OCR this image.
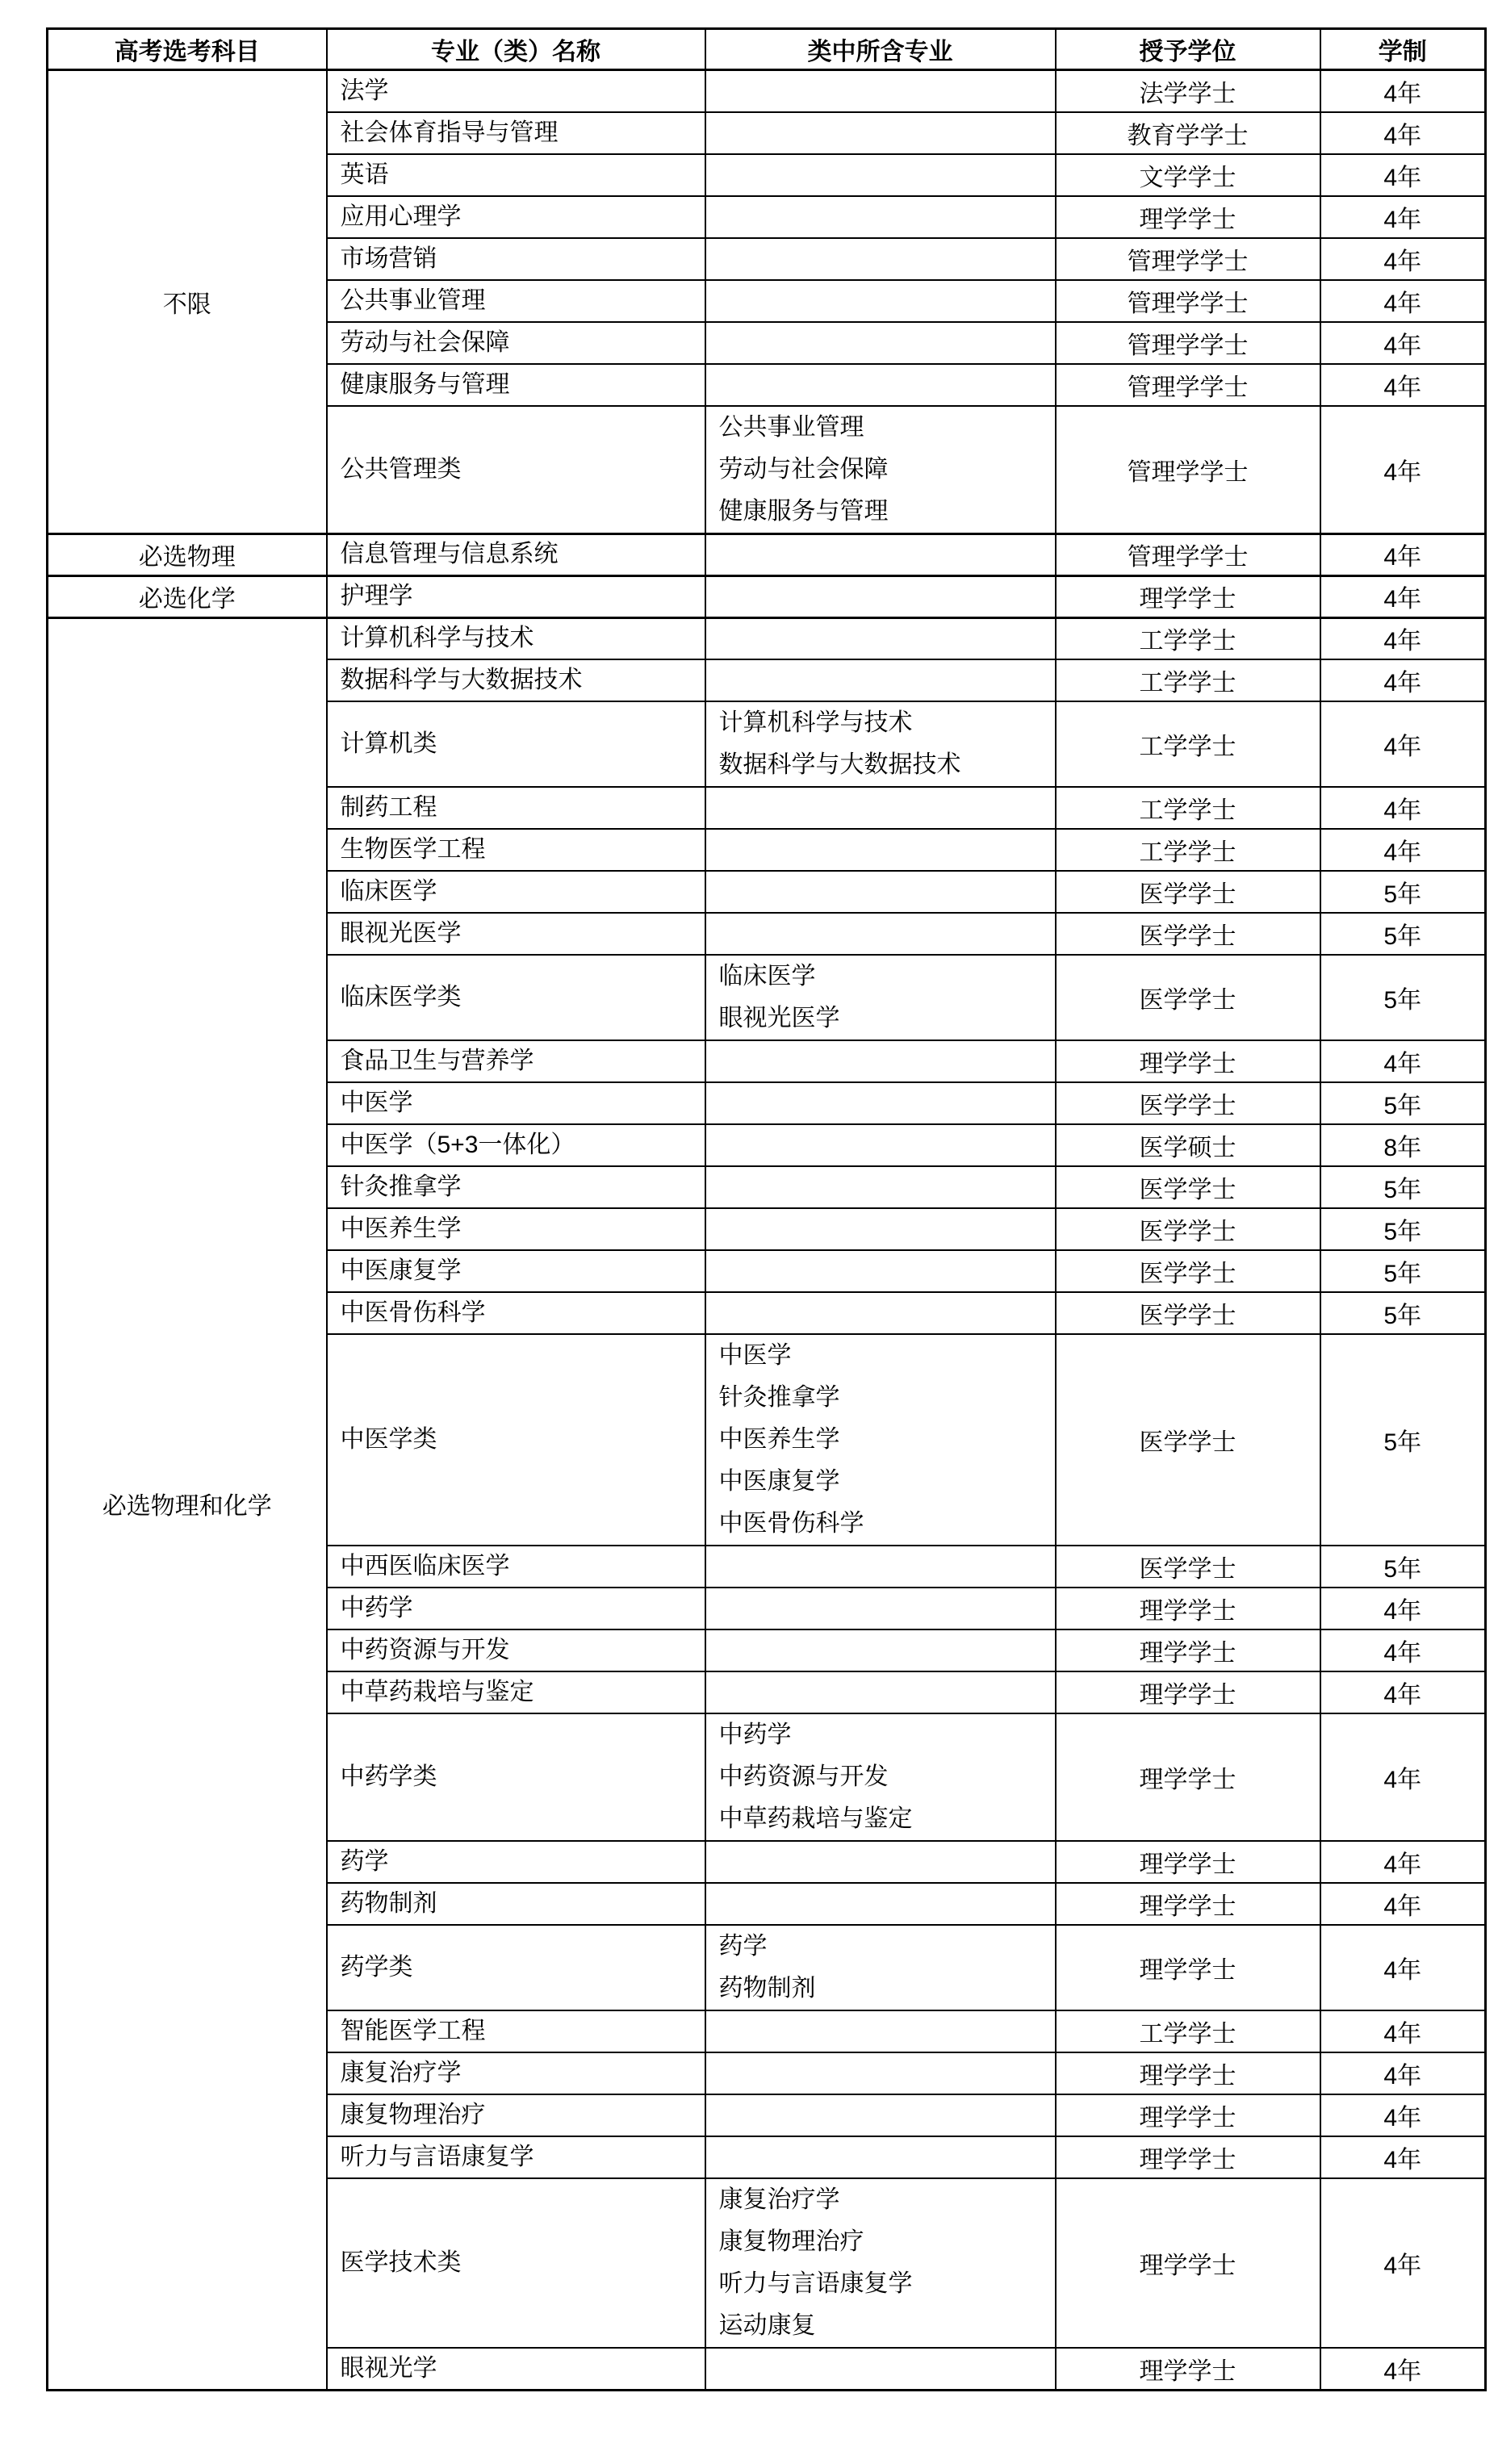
高考选考科目	专业（类）名称	类中所含专业	授予学位	学制
不限	法学		法学学士	4年
	社会体育指导与管理		教育学学士	4年
	英语		文学学士	4年
	应用心理学		理学学士	4年
	市场营销		管理学学士	4年
	公共事业管理		管理学学士	4年
	劳动与社会保障		管理学学士	4年
	健康服务与管理		管理学学士	4年
	公共管理类	公共事业管理
劳动与社会保障
健康服务与管理	管理学学士	4年
必选物理	信息管理与信息系统		管理学学士	4年
必选化学	护理学		理学学士	4年
必选物理和化学	计算机科学与技术		工学学士	4年
	数据科学与大数据技术		工学学士	4年
	计算机类	计算机科学与技术
数据科学与大数据技术	工学学士	4年
	制药工程		工学学士	4年
	生物医学工程		工学学士	4年
	临床医学		医学学士	5年
	眼视光医学		医学学士	5年
	临床医学类	临床医学
眼视光医学	医学学士	5年
	食品卫生与营养学		理学学士	4年
	中医学		医学学士	5年
	中医学（5+3一体化）		医学硕士	8年
	针灸推拿学		医学学士	5年
	中医养生学		医学学士	5年
	中医康复学		医学学士	5年
	中医骨伤科学		医学学士	5年
	中医学类	中医学
针灸推拿学
中医养生学
中医康复学
中医骨伤科学	医学学士	5年
	中西医临床医学		医学学士	5年
	中药学		理学学士	4年
	中药资源与开发		理学学士	4年
	中草药栽培与鉴定		理学学士	4年
	中药学类	中药学
中药资源与开发
中草药栽培与鉴定	理学学士	4年
	药学		理学学士	4年
	药物制剂		理学学士	4年
	药学类	药学
药物制剂	理学学士	4年
	智能医学工程		工学学士	4年
	康复治疗学		理学学士	4年
	康复物理治疗		理学学士	4年
	听力与言语康复学		理学学士	4年
	医学技术类	康复治疗学
康复物理治疗
听力与言语康复学
运动康复	理学学士	4年
	眼视光学		理学学士	4年
